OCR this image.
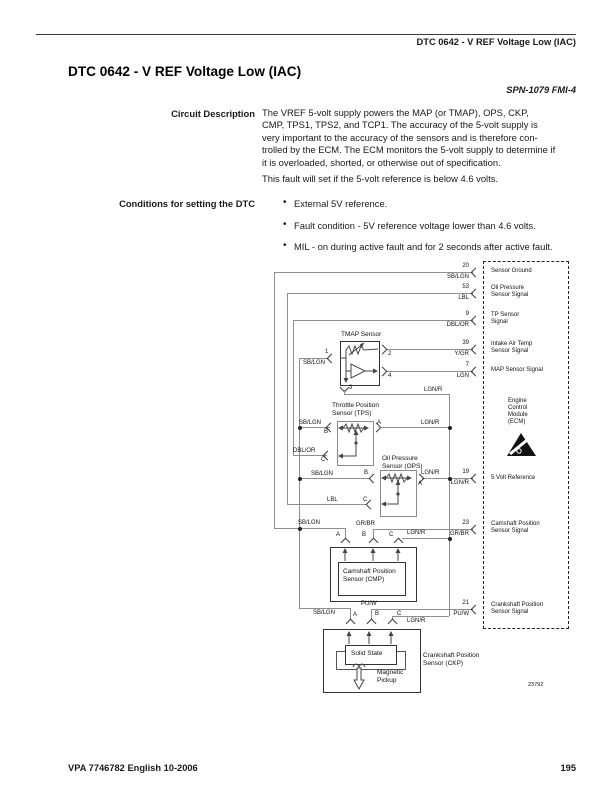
DTC 0642 - V REF Voltage Low (IAC)
DTC 0642 - V REF Voltage Low (IAC)
SPN-1079 FMI-4
Circuit Description The VREF 5-volt supply powers the MAP (or TMAP), OPS, CKP,
CMP, TPS1, TPS2, and TCP1. The accuracy of the 5-volt supply is
very important to the accuracy of the sensors and is therefore con-
trolled by the ECM. The ECM monitors the 5-volt supply to determine if
it is overloaded, shorted, or otherwise out of specification.
This fault will set if the 5-volt reference is below 4.6 volts.
Conditions for setting the DTC	• External 5V reference.
• Fault condition - 5V reference voltage lower than 4.6 volts.
• MIL - on during active fault and for 2 seconds after active fault.
TMAP Sensor
1
SB/LGN
2
4
3	LGN/R
Throttle Position
Sensor (TPS)
SB/LGN
B
A	LGN/R
DBL/OR
C	Oil Pressure
Sensor (OPS)
SB/LGN	B	LGN/R
A
LBL	C
SB/LGN	GR/BR
LGN/R
A	B	C
Camshaft Position
Sensor (CMP)
SB/LGN
PU/W
LGN/R
A	B	C
Solid State
Magnetic
Pickup
Crankshaft Position
Sensor (CKP)
23792
20
53
9
39
7
19
23
21
SB/LGN
LBL
DBL/OR
Y/GR
LGN
LGN/R
GR/BR
PU/W
Sensor Ground
Oil Pressure
Sensor Signal
TP Sensor
Signal
Intake Air Temp
Sensor Signal
MAP Sensor Signal
5 Volt Reference
Camshaft Position
Sensor Signal
Crankshaft Position
Sensor Signal
Engine
Control
Module
(ECM)
VPA 7746782 English 10-2006	195
